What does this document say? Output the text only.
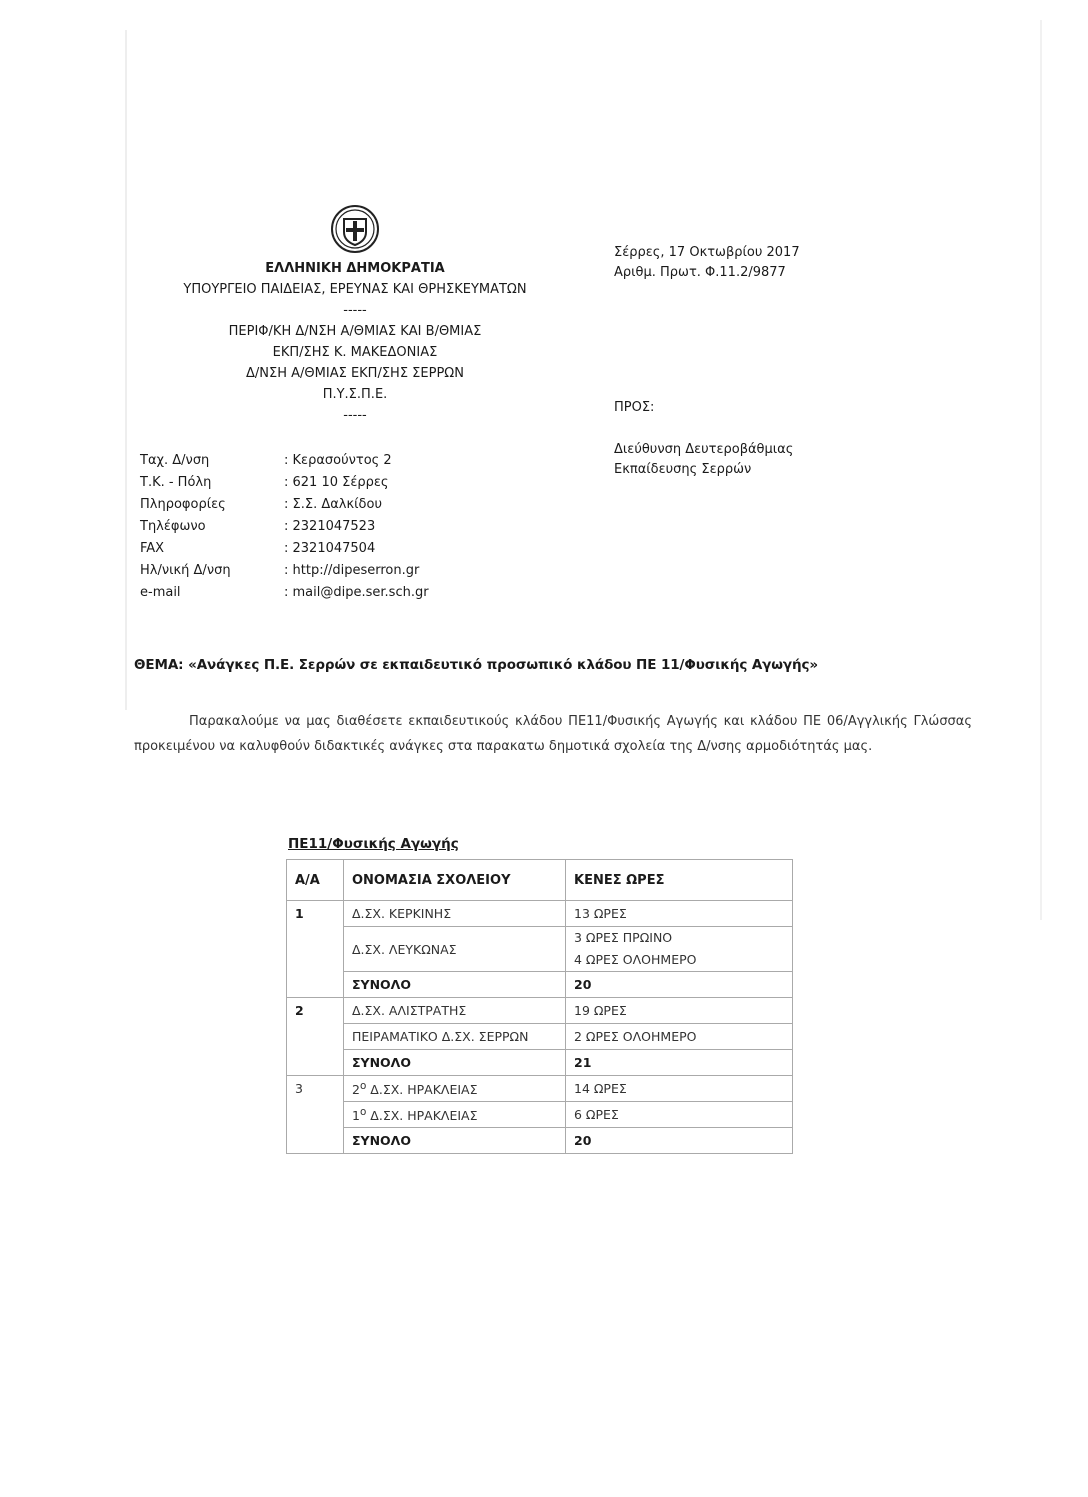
ΕΛΛΗΝΙΚΗ ΔΗΜΟΚΡΑΤΙΑ
ΥΠΟΥΡΓΕΙΟ ΠΑΙΔΕΙΑΣ, ΕΡΕΥΝΑΣ ΚΑΙ ΘΡΗΣΚΕΥΜΑΤΩΝ
-----
ΠΕΡΙΦ/ΚΗ Δ/ΝΣΗ Α/ΘΜΙΑΣ ΚΑΙ Β/ΘΜΙΑΣ
ΕΚΠ/ΣΗΣ Κ. ΜΑΚΕΔΟΝΙΑΣ
Δ/ΝΣΗ Α/ΘΜΙΑΣ ΕΚΠ/ΣΗΣ ΣΕΡΡΩΝ
Π.Υ.Σ.Π.Ε.
-----
Σέρρες, 17 Οκτωβρίου 2017
Αριθμ. Πρωτ. Φ.11.2/9877
ΠΡΟΣ:
Διεύθυνση Δευτεροβάθμιας
Εκπαίδευσης Σερρών
Ταχ. Δ/νση	: Κερασούντος 2
Τ.Κ. - Πόλη	: 621 10 Σέρρες
Πληροφορίες	: Σ.Σ. Δαλκίδου
Τηλέφωνο	: 2321047523
FAX	: 2321047504
Ηλ/νική Δ/νση	: http://dipeserron.gr
e-mail	: mail@dipe.ser.sch.gr
ΘΕΜΑ: «Ανάγκες Π.Ε. Σερρών σε εκπαιδευτικό προσωπικό κλάδου ΠΕ 11/Φυσικής Αγωγής»
Παρακαλούμε να μας διαθέσετε εκπαιδευτικούς κλάδου ΠΕ11/Φυσικής Αγωγής και κλάδου ΠΕ 06/Αγγλικής Γλώσσας προκειμένου να καλυφθούν διδακτικές ανάγκες στα παρακατω δημοτικά σχολεία της Δ/νσης αρμοδιότητάς μας.
ΠΕ11/Φυσικής Αγωγής
Α/Α	ΟΝΟΜΑΣΙΑ ΣΧΟΛΕΙΟΥ	ΚΕΝΕΣ ΩΡΕΣ
1	Δ.ΣΧ. ΚΕΡΚΙΝΗΣ	13 ΩΡΕΣ
	Δ.ΣΧ. ΛΕΥΚΩΝΑΣ	3 ΩΡΕΣ ΠΡΩΙΝΟ
4 ΩΡΕΣ ΟΛΟΗΜΕΡΟ

	ΣΥΝΟΛΟ	20
2	Δ.ΣΧ. ΑΛΙΣΤΡΑΤΗΣ	19 ΩΡΕΣ
	ΠΕΙΡΑΜΑΤΙΚΟ Δ.ΣΧ. ΣΕΡΡΩΝ	2 ΩΡΕΣ ΟΛΟΗΜΕΡΟ
	ΣΥΝΟΛΟ	21
3	$2^o$ Δ.ΣΧ. ΗΡΑΚΛΕΙΑΣ	14 ΩΡΕΣ
	$1^o$ Δ.ΣΧ. ΗΡΑΚΛΕΙΑΣ	6 ΩΡΕΣ
	ΣΥΝΟΛΟ	20
